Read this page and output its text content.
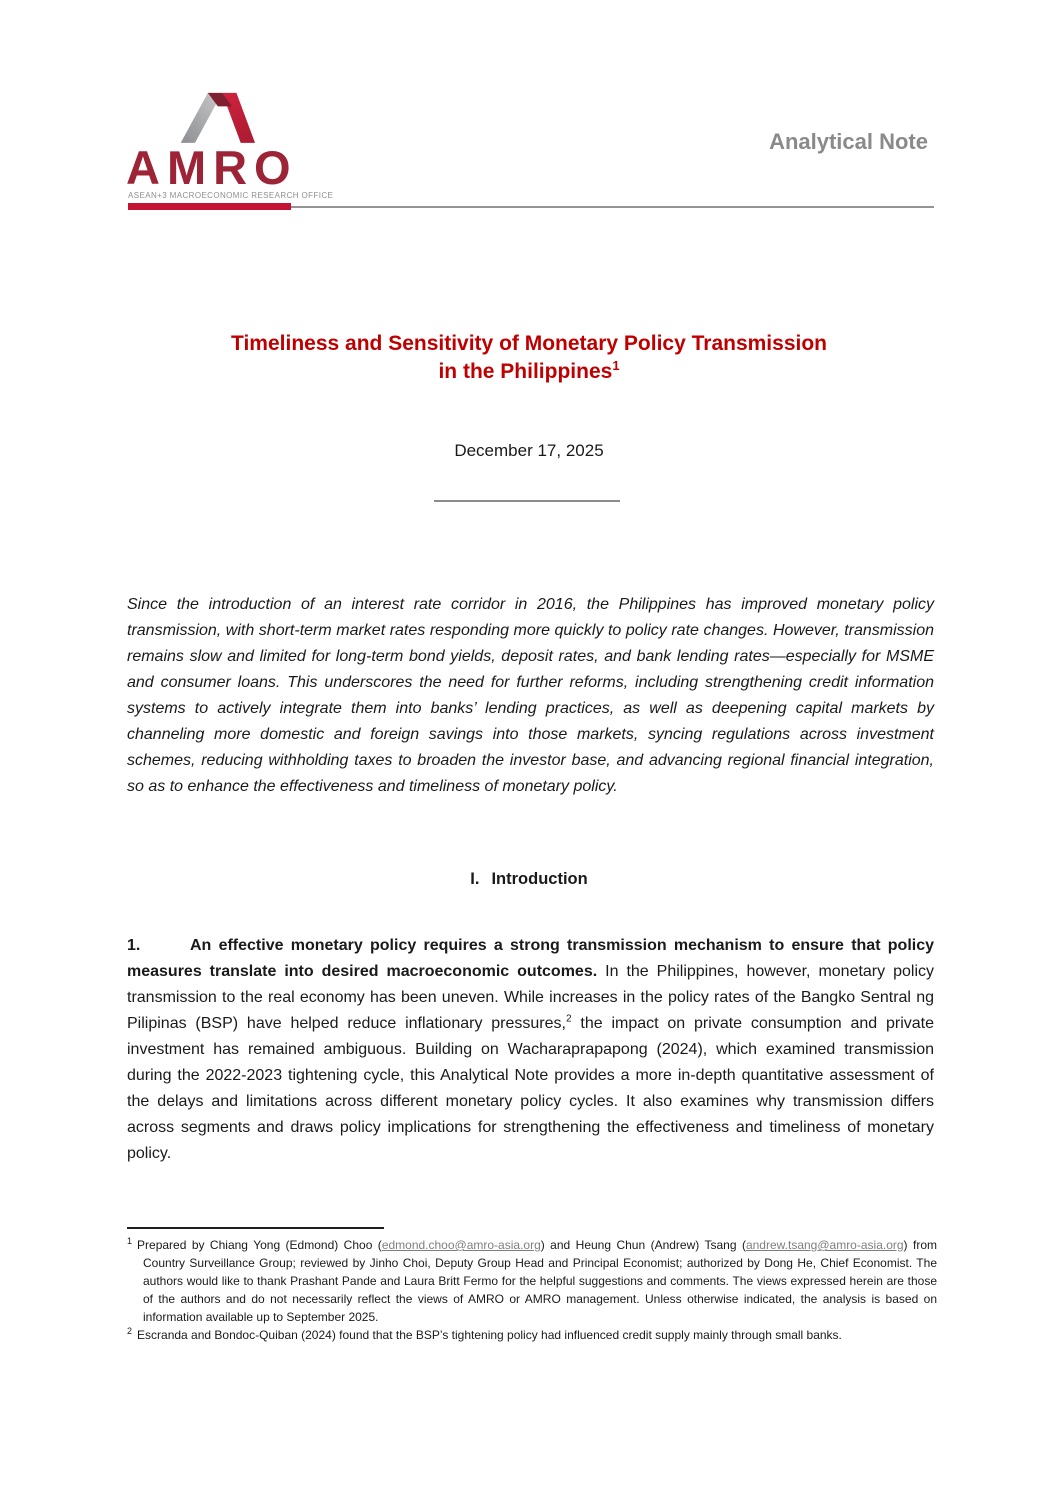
AMRO
ASEAN+3 MACROECONOMIC RESEARCH OFFICE
Analytical Note
Timeliness and Sensitivity of Monetary Policy Transmission
in the Philippines$^1$
December 17, 2025
Since the introduction of an interest rate corridor in 2016, the Philippines has improved monetary policy transmission, with short-term market rates responding more quickly to policy rate changes. However, transmission remains slow and limited for long-term bond yields, deposit rates, and bank lending rates—especially for MSME and consumer loans. This underscores the need for further reforms, including strengthening credit information systems to actively integrate them into banks’ lending practices, as well as deepening capital markets by channeling more domestic and foreign savings into those markets, syncing regulations across investment schemes, reducing withholding taxes to broaden the investor base, and advancing regional financial integration, so as to enhance the effectiveness and timeliness of monetary policy.
I. Introduction

1.	An effective monetary policy requires a strong transmission mechanism to ensure that policy measures translate into desired macroeconomic outcomes. In the Philippines, however, monetary policy transmission to the real economy has been uneven. While increases in the policy rates of the Bangko Sentral ng Pilipinas (BSP) have helped reduce inflationary pressures,$^2$ the impact on private consumption and private investment has remained ambiguous. Building on Wacharaprapapong (2024), which examined transmission during the 2022-2023 tightening cycle, this Analytical Note provides a more in-depth quantitative assessment of the delays and limitations across different monetary policy cycles. It also examines why transmission differs across segments and draws policy implications for strengthening the effectiveness and timeliness of monetary policy.

$^1$ Prepared by Chiang Yong (Edmond) Choo (edmond.choo@amro-asia.org) and Heung Chun (Andrew) Tsang (andrew.tsang@amro-asia.org) from Country Surveillance Group; reviewed by Jinho Choi, Deputy Group Head and Principal Economist; authorized by Dong He, Chief Economist. The authors would like to thank Prashant Pande and Laura Britt Fermo for the helpful suggestions and comments. The views expressed herein are those of the authors and do not necessarily reflect the views of AMRO or AMRO management. Unless otherwise indicated, the analysis is based on information available up to September 2025.

$^2$ Escranda and Bondoc-Quiban (2024) found that the BSP’s tightening policy had influenced credit supply mainly through small banks.
